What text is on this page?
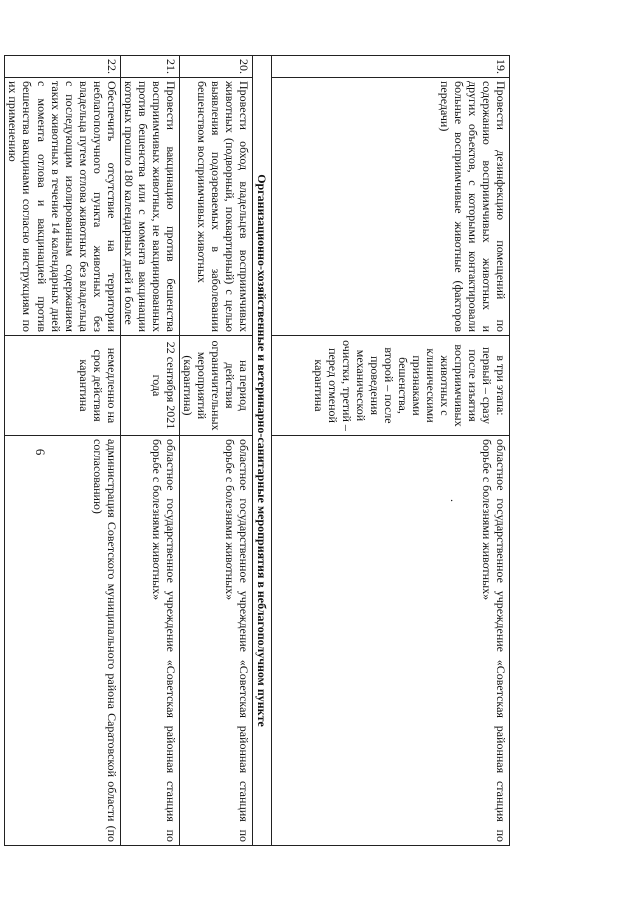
6
19.	Провести дезинфекцию помещений по содержанию восприимчивых животных и других объектов, с которыми контактировали больные восприимчивые животные (факторов передачи)	в три этапа: первый – сразу после изъятия восприимчивых животных с клиническими признаками бешенства, второй – после проведения механической очистки, третий – перед отменой карантина	областное государственное учреждение «Советская районная станция по борьбе с болезнями животных»
.

Организационно-хозяйственные и ветеринарно-санитарные мероприятия в неблагополучном пункте			
20.	Провести обход владельцев восприимчивых животных (подворный, поквартирный) с целью выявления подозреваемых в заболевании бешенством восприимчивых животных	на период действия ограничительных мероприятий (карантина)	областное государственное учреждение «Советская районная станция по борьбе с болезнями животных»
21.	Провести вакцинацию против бешенства восприимчивых животных, не вакцинированных против бешенства или с момента вакцинации которых прошло 180 календарных дней и более	22 сентября 2021 года	областное государственное учреждение «Советская районная станция по борьбе с болезнями животных»
22.	Обеспечить отсутствие на территории неблагополучного пункта животных без владельца путем отлова животных без владельца с последующим изолированным содержанием таких животных в течение 14 календарных дней с момента отлова и вакцинацией против бешенства вакцинами согласно инструкциям по их применению	немедленно на срок действия карантина	администрация Советского муниципального района Саратовской области (по согласованию)
